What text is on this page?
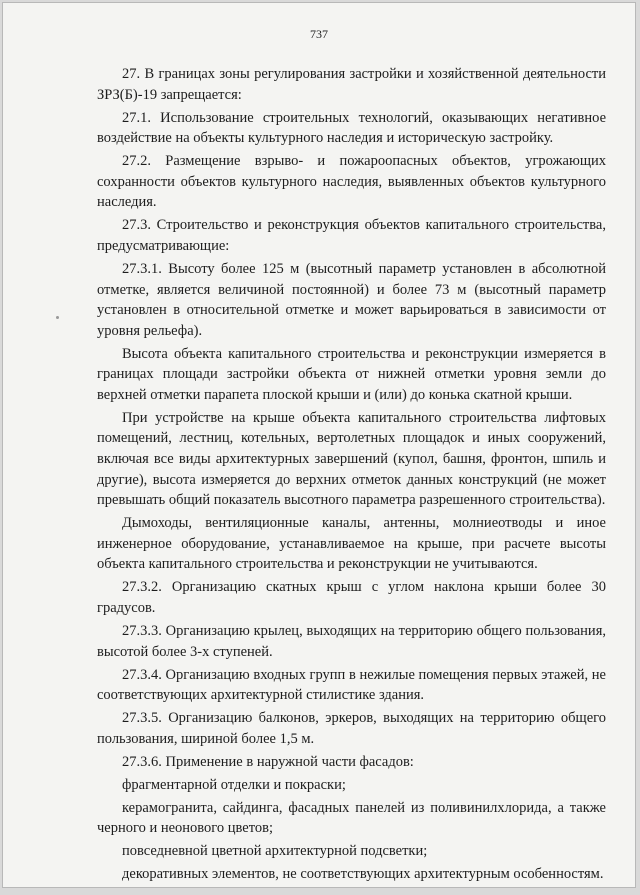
737

27. В границах зоны регулирования застройки и хозяйственной деятельности ЗРЗ(Б)-19 запрещается:

27.1. Использование строительных технологий, оказывающих негативное воздействие на объекты культурного наследия и историческую застройку.

27.2. Размещение взрыво- и пожароопасных объектов, угрожающих сохранности объектов культурного наследия, выявленных объектов культурного наследия.

27.3. Строительство и реконструкция объектов капитального строительства, предусматривающие:

27.3.1. Высоту более 125 м (высотный параметр установлен в абсолютной отметке, является величиной постоянной) и более 73 м (высотный параметр установлен в относительной отметке и может варьироваться в зависимости от уровня рельефа).

Высота объекта капитального строительства и реконструкции измеряется в границах площади застройки объекта от нижней отметки уровня земли до верхней отметки парапета плоской крыши и (или) до конька скатной крыши.

При устройстве на крыше объекта капитального строительства лифтовых помещений, лестниц, котельных, вертолетных площадок и иных сооружений, включая все виды архитектурных завершений (купол, башня, фронтон, шпиль и другие), высота измеряется до верхних отметок данных конструкций (не может превышать общий показатель высотного параметра разрешенного строительства).

Дымоходы, вентиляционные каналы, антенны, молниеотводы и иное инженерное оборудование, устанавливаемое на крыше, при расчете высоты объекта капитального строительства и реконструкции не учитываются.

27.3.2. Организацию скатных крыш с углом наклона крыши более 30 градусов.

27.3.3. Организацию крылец, выходящих на территорию общего пользования, высотой более 3-х ступеней.

27.3.4. Организацию входных групп в нежилые помещения первых этажей, не соответствующих архитектурной стилистике здания.

27.3.5. Организацию балконов, эркеров, выходящих на территорию общего пользования, шириной более 1,5 м.

27.3.6. Применение в наружной части фасадов:

фрагментарной отделки и покраски;

керамогранита, сайдинга, фасадных панелей из поливинилхлорида, а также черного и неонового цветов;

повседневной цветной архитектурной подсветки;

декоративных элементов, не соответствующих архитектурным особенностям.
